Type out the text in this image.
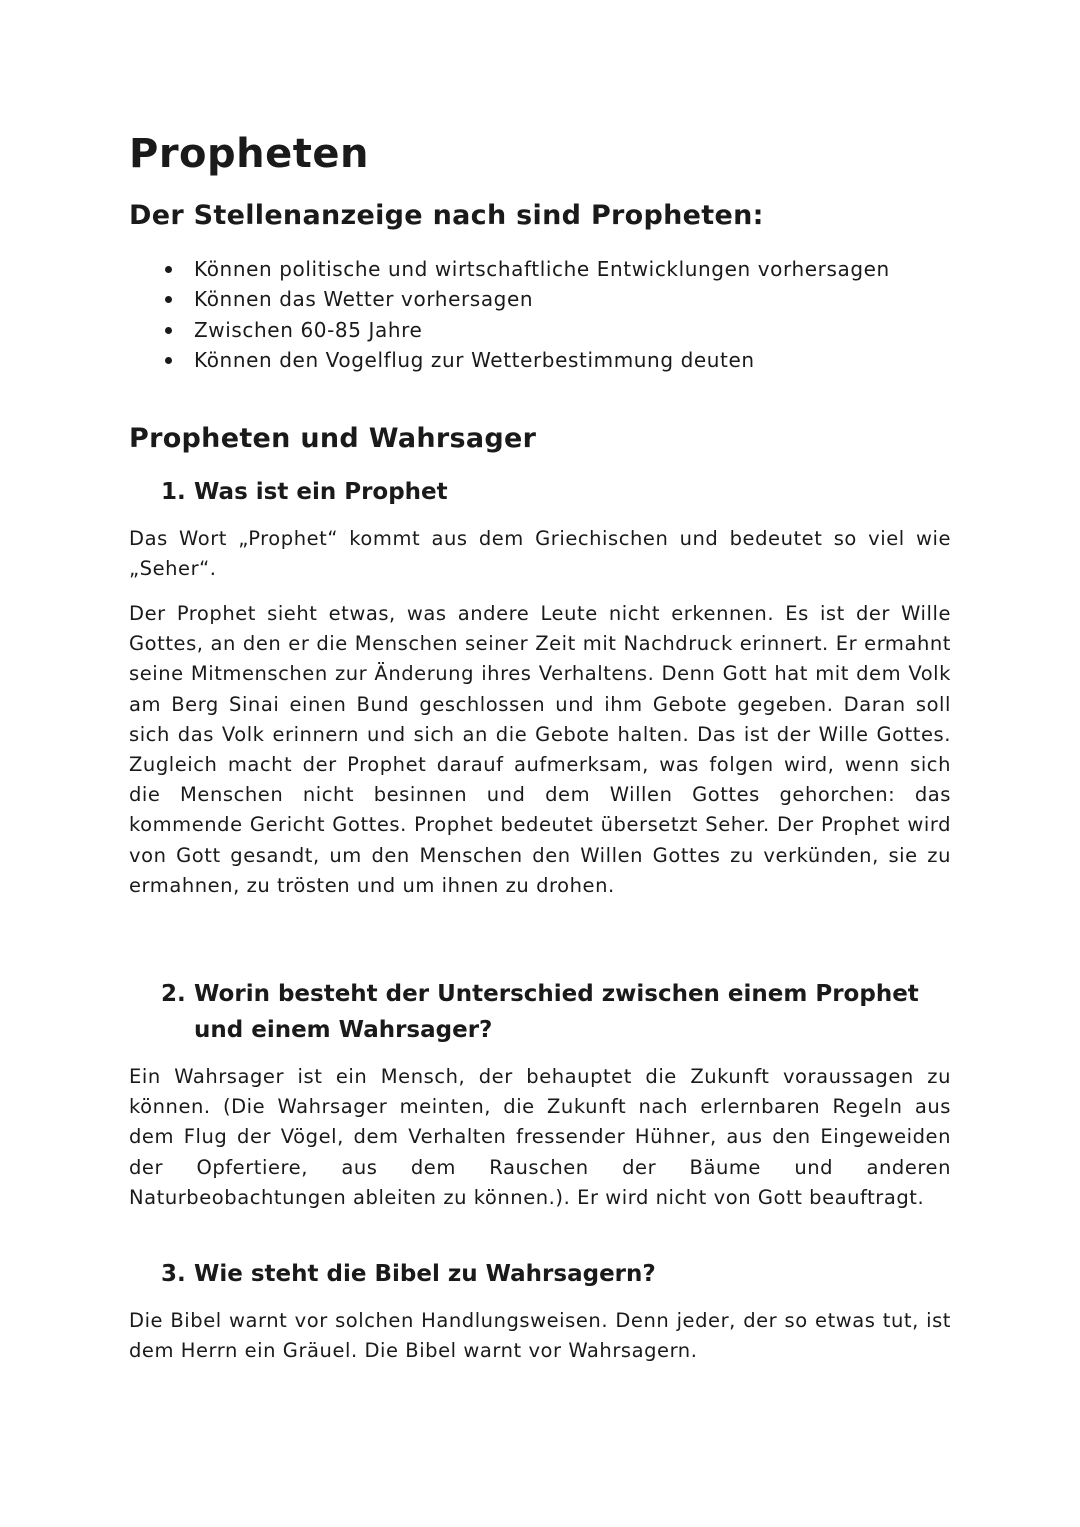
Propheten
Der Stellenanzeige nach sind Propheten:
Können politische und wirtschaftliche Entwicklungen vorhersagen
Können das Wetter vorhersagen
Zwischen 60-85 Jahre
Können den Vogelflug zur Wetterbestimmung deuten
Propheten und Wahrsager
1. Was ist ein Prophet

Das Wort „Prophet“ kommt aus dem Griechischen und bedeutet so viel wie „Seher“.

Der Prophet sieht etwas, was andere Leute nicht erkennen. Es ist der Wille Gottes, an den er die Menschen seiner Zeit mit Nachdruck erinnert. Er ermahnt seine Mitmenschen zur Änderung ihres Verhaltens. Denn Gott hat mit dem Volk am Berg Sinai einen Bund geschlossen und ihm Gebote gegeben. Daran soll sich das Volk erinnern und sich an die Gebote halten. Das ist der Wille Gottes. Zugleich macht der Prophet darauf aufmerksam, was folgen wird, wenn sich die Menschen nicht besinnen und dem Willen Gottes gehorchen: das kommende Gericht Gottes. Prophet bedeutet übersetzt Seher. Der Prophet wird von Gott gesandt, um den Menschen den Willen Gottes zu verkünden, sie zu ermahnen, zu trösten und um ihnen zu drohen.

2. Worin besteht der Unterschied zwischen einem Prophet und einem Wahrsager?

Ein Wahrsager ist ein Mensch, der behauptet die Zukunft voraussagen zu können. (Die Wahrsager meinten, die Zukunft nach erlernbaren Regeln aus dem Flug der Vögel, dem Verhalten fressender Hühner, aus den Eingeweiden der Opfertiere, aus dem Rauschen der Bäume und anderen Naturbeobachtungen ableiten zu können.). Er wird nicht von Gott beauftragt.

3. Wie steht die Bibel zu Wahrsagern?

Die Bibel warnt vor solchen Handlungsweisen. Denn jeder, der so etwas tut, ist dem Herrn ein Gräuel. Die Bibel warnt vor Wahrsagern.
